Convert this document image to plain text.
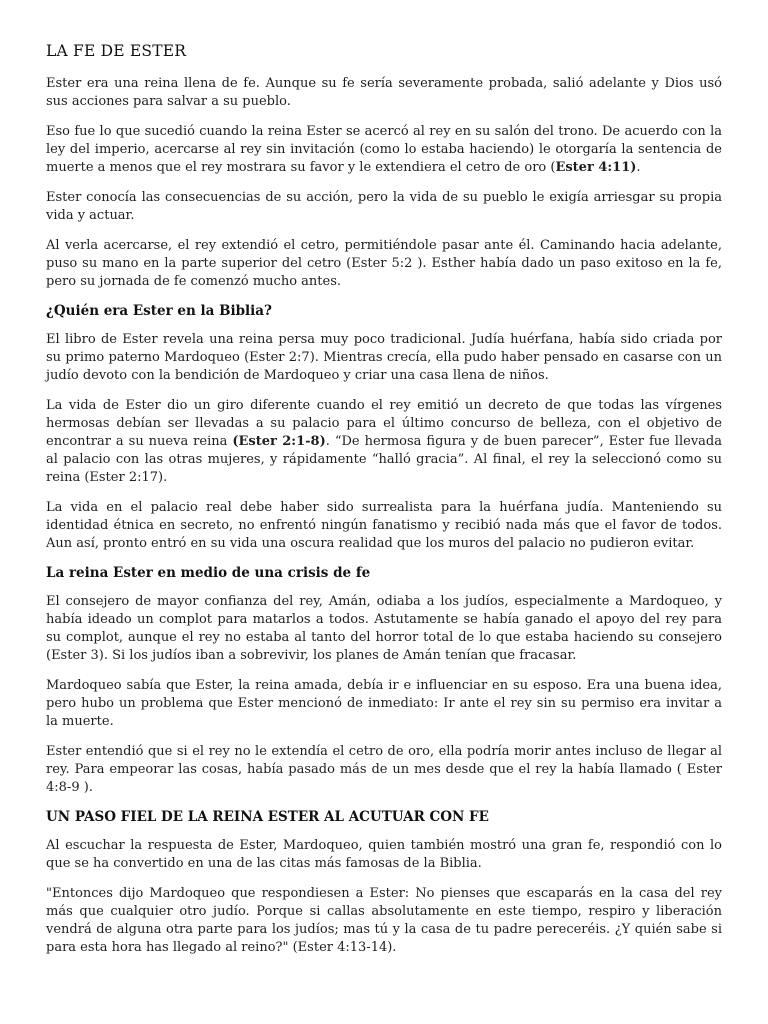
LA FE DE ESTER

Ester era una reina llena de fe. Aunque su fe sería severamente probada, salió adelante y Dios usó sus acciones para salvar a su pueblo.

Eso fue lo que sucedió cuando la reina Ester se acercó al rey en su salón del trono. De acuerdo con la ley del imperio, acercarse al rey sin invitación (como lo estaba haciendo) le otorgaría la sentencia de muerte a menos que el rey mostrara su favor y le extendiera el cetro de oro (Ester 4:11).

Ester conocía las consecuencias de su acción, pero la vida de su pueblo le exigía arriesgar su propia vida y actuar.

Al verla acercarse, el rey extendió el cetro, permitiéndole pasar ante él. Caminando hacia adelante, puso su mano en la parte superior del cetro (Ester 5:2 ). Esther había dado un paso exitoso en la fe, pero su jornada de fe comenzó mucho antes.

¿Quién era Ester en la Biblia?

El libro de Ester revela una reina persa muy poco tradicional. Judía huérfana, había sido criada por su primo paterno Mardoqueo (Ester 2:7). Mientras crecía, ella pudo haber pensado en casarse con un judío devoto con la bendición de Mardoqueo y criar una casa llena de niños.

La vida de Ester dio un giro diferente cuando el rey emitió un decreto de que todas las vírgenes hermosas debían ser llevadas a su palacio para el último concurso de belleza, con el objetivo de encontrar a su nueva reina (Ester 2:1-8). “De hermosa figura y de buen parecer”, Ester fue llevada al palacio con las otras mujeres, y rápidamente “halló gracia”. Al final, el rey la seleccionó como su reina (Ester 2:17).

La vida en el palacio real debe haber sido surrealista para la huérfana judía. Manteniendo su identidad étnica en secreto, no enfrentó ningún fanatismo y recibió nada más que el favor de todos. Aun así, pronto entró en su vida una oscura realidad que los muros del palacio no pudieron evitar.

La reina Ester en medio de una crisis de fe

El consejero de mayor confianza del rey, Amán, odiaba a los judíos, especialmente a Mardoqueo, y había ideado un complot para matarlos a todos. Astutamente se había ganado el apoyo del rey para su complot, aunque el rey no estaba al tanto del horror total de lo que estaba haciendo su consejero (Ester 3). Si los judíos iban a sobrevivir, los planes de Amán tenían que fracasar.

Mardoqueo sabía que Ester, la reina amada, debía ir e influenciar en su esposo. Era una buena idea, pero hubo un problema que Ester mencionó de inmediato: Ir ante el rey sin su permiso era invitar a la muerte.

Ester entendió que si el rey no le extendía el cetro de oro, ella podría morir antes incluso de llegar al rey. Para empeorar las cosas, había pasado más de un mes desde que el rey la había llamado ( Ester 4:8-9 ).

UN PASO FIEL DE LA REINA ESTER AL ACUTUAR CON FE

Al escuchar la respuesta de Ester, Mardoqueo, quien también mostró una gran fe, respondió con lo que se ha convertido en una de las citas más famosas de la Biblia.

"Entonces dijo Mardoqueo que respondiesen a Ester: No pienses que escaparás en la casa del rey más que cualquier otro judío. Porque si callas absolutamente en este tiempo, respiro y liberación vendrá de alguna otra parte para los judíos; mas tú y la casa de tu padre pereceréis. ¿Y quién sabe si para esta hora has llegado al reino?" (Ester 4:13-14).
